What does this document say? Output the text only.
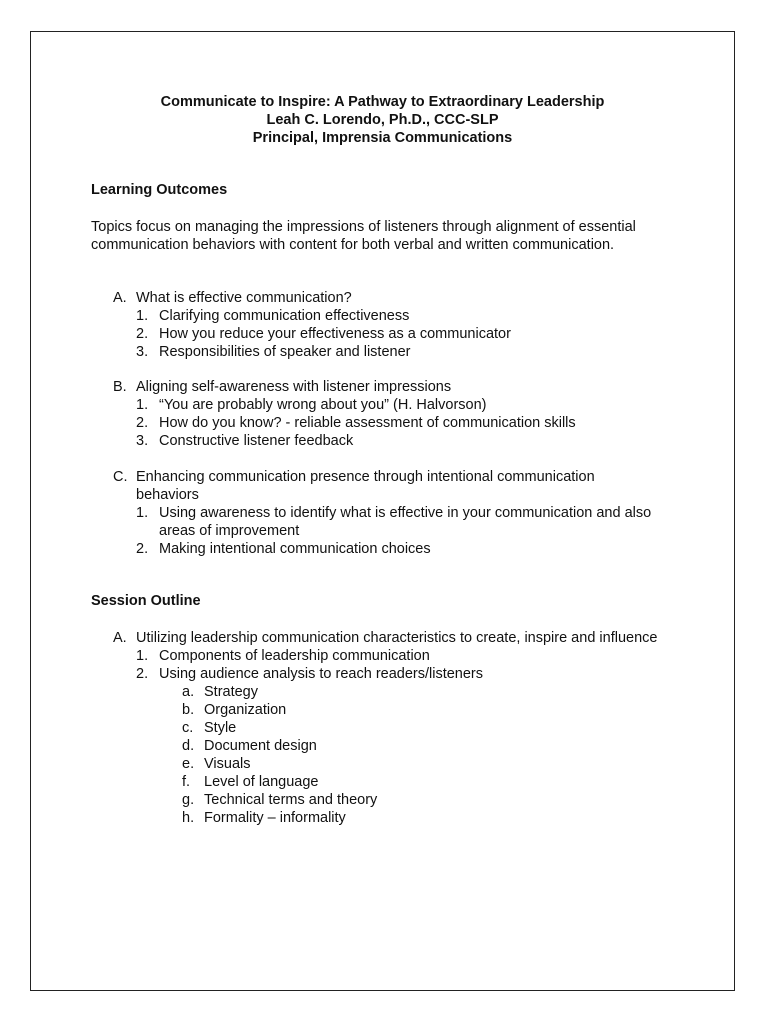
Communicate to Inspire: A Pathway to Extraordinary Leadership
Leah C. Lorendo, Ph.D., CCC-SLP
Principal, Imprensia Communications
Learning Outcomes
Topics focus on managing the impressions of listeners through alignment of essential
communication behaviors with content for both verbal and written communication.
A. What is effective communication?
1. Clarifying communication effectiveness
2. How you reduce your effectiveness as a communicator
3. Responsibilities of speaker and listener
B. Aligning self-awareness with listener impressions
1. “You are probably wrong about you” (H. Halvorson)
2. How do you know? - reliable assessment of communication skills
3. Constructive listener feedback
C. Enhancing communication presence through intentional communication
behaviors
1. Using awareness to identify what is effective in your communication and also
areas of improvement
2. Making intentional communication choices
Session Outline
A. Utilizing leadership communication characteristics to create, inspire and influence
1. Components of leadership communication
2. Using audience analysis to reach readers/listeners
a. Strategy
b. Organization
c. Style
d. Document design
e. Visuals
f. Level of language
g. Technical terms and theory
h. Formality – informality
